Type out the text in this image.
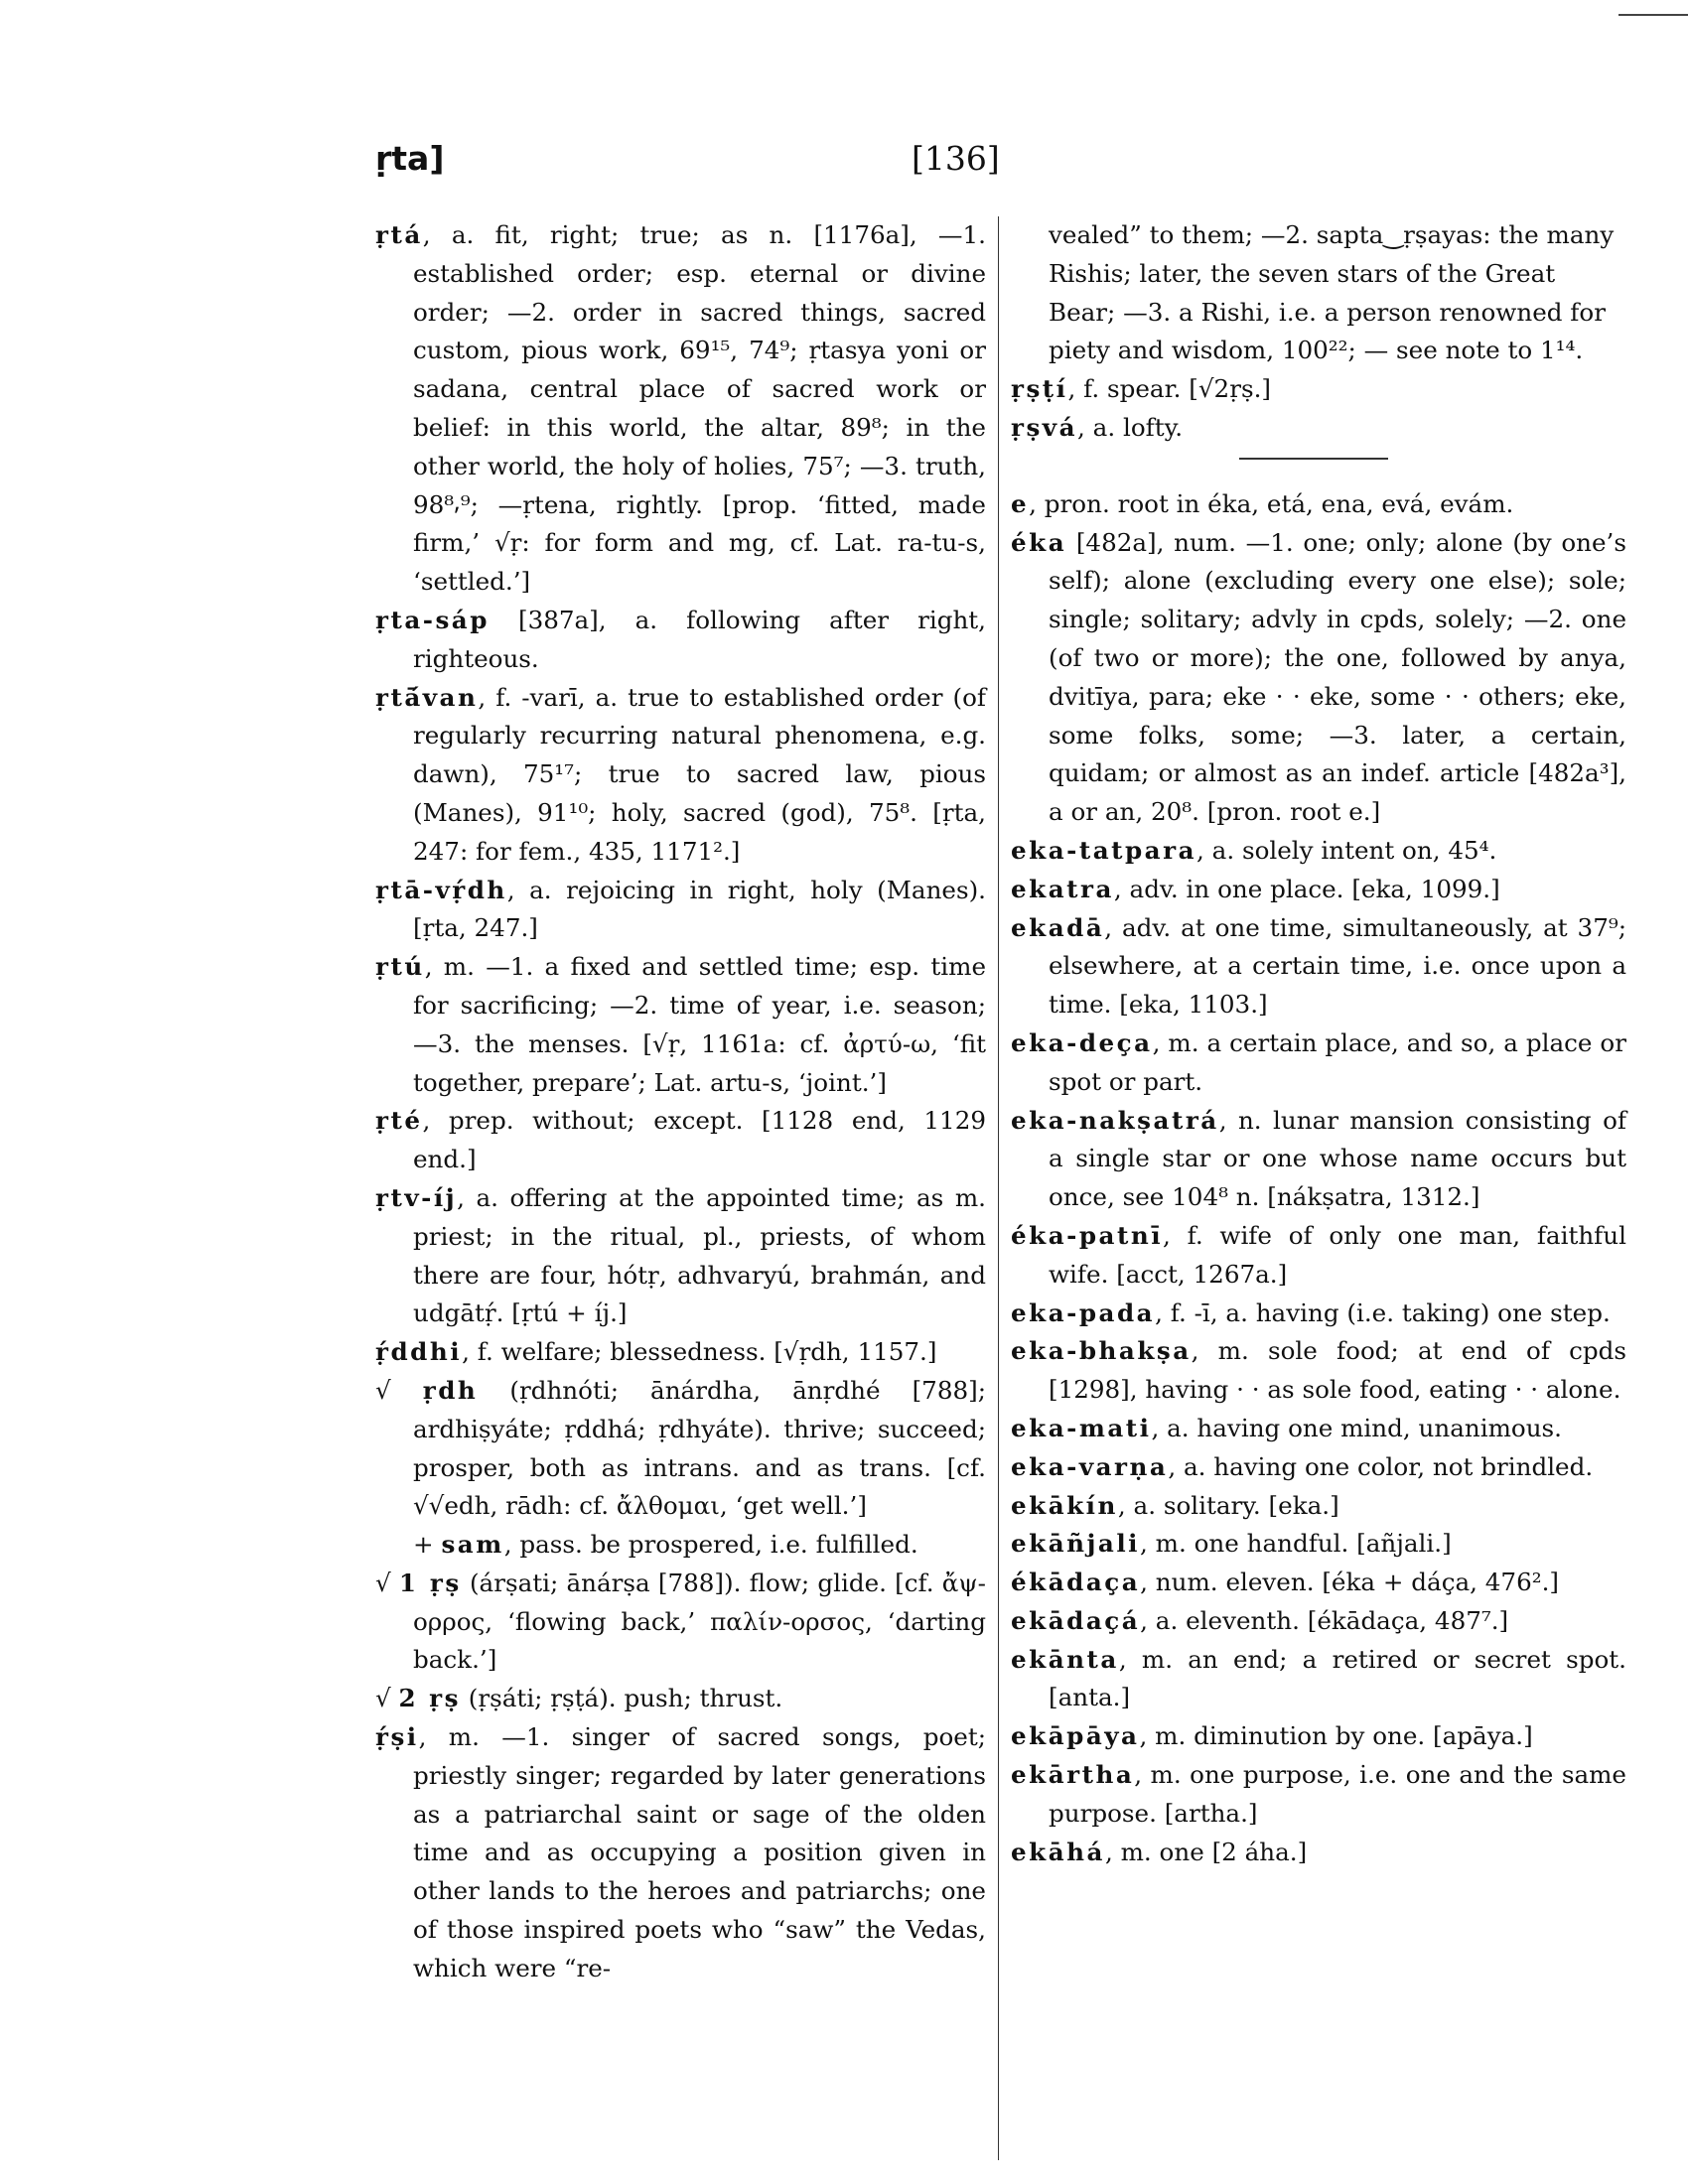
ṛta]	[136]
ṛtá, a. fit, right; true; as n. [1176a], —1. established order; esp. eternal or divine order; —2. order in sacred things, sacred custom, pious work, 69¹⁵, 74⁹; ṛtasya yoni or sadana, central place of sacred work or belief: in this world, the altar, 89⁸; in the other world, the holy of holies, 75⁷; —3. truth, 98⁸⸴⁹; —ṛtena, rightly. [prop. ‘fitted, made firm,’ √ṛ: for form and mg, cf. Lat. ra-tu-s, ‘settled.’]
ṛta-sáp [387a], a. following after right, righteous.
ṛtā́van, f. -varī, a. true to established order (of regularly recurring natural phenomena, e.g. dawn), 75¹⁷; true to sacred law, pious (Manes), 91¹⁰; holy, sacred (god), 75⁸. [ṛta, 247: for fem., 435, 1171².]
ṛtā-vṛ́dh, a. rejoicing in right, holy (Manes). [ṛta, 247.]
ṛtú, m. —1. a fixed and settled time; esp. time for sacrificing; —2. time of year, i.e. season; —3. the menses. [√ṛ, 1161a: cf. ἀρτύ-ω, ‘fit together, prepare’; Lat. artu-s, ‘joint.’]
ṛté, prep. without; except. [1128 end, 1129 end.]
ṛtv-íj, a. offering at the appointed time; as m. priest; in the ritual, pl., priests, of whom there are four, hótṛ, adhvaryú, brahmán, and udgātṛ́. [ṛtú + íj.]
ṛ́ddhi, f. welfare; blessedness. [√ṛdh, 1157.]
√ ṛdh (ṛdhnóti; ānárdha, ānṛdhé [788]; ardhiṣyáte; ṛddhá; ṛdhyáte). thrive; succeed; prosper, both as intrans. and as trans. [cf. √√edh, rādh: cf. ἄλθομαι, ‘get well.’]
+ sam, pass. be prospered, i.e. fulfilled.
√ 1 ṛṣ (árṣati; ānárṣa [788]). flow; glide. [cf. ἄψ-ορρος, ‘flowing back,’ παλίν-ορσος, ‘darting back.’]
√ 2 ṛṣ (ṛṣáti; ṛṣṭá). push; thrust.
ṛ́ṣi, m. —1. singer of sacred songs, poet; priestly singer; regarded by later generations as a patriarchal saint or sage of the olden time and as occupying a position given in other lands to the heroes and patriarchs; one of those inspired poets who “saw” the Vedas, which were “re-
vealed” to them; —2. sapta‿ṛṣayas: the many Rishis; later, the seven stars of the Great Bear; —3. a Rishi, i.e. a person renowned for piety and wisdom, 100²²; — see note to 1¹⁴.
ṛṣṭí, f. spear. [√2ṛṣ.]
ṛṣvá, a. lofty.
e, pron. root in éka, etá, ena, evá, evám.
éka [482a], num. —1. one; only; alone (by one’s self); alone (excluding every one else); sole; single; solitary; advly in cpds, solely; —2. one (of two or more); the one, followed by anya, dvitīya, para; eke · · eke, some · · others; eke, some folks, some; —3. later, a certain, quidam; or almost as an indef. article [482a³], a or an, 20⁸. [pron. root e.]
eka-tatpara, a. solely intent on, 45⁴.
ekatra, adv. in one place. [eka, 1099.]
ekadā, adv. at one time, simultaneously, at 37⁹; elsewhere, at a certain time, i.e. once upon a time. [eka, 1103.]
eka-deça, m. a certain place, and so, a place or spot or part.
eka-nakṣatrá, n. lunar mansion consisting of a single star or one whose name occurs but once, see 104⁸ n. [nákṣatra, 1312.]
éka-patnī, f. wife of only one man, faithful wife. [acct, 1267a.]
eka-pada, f. -ī, a. having (i.e. taking) one step.
eka-bhakṣa, m. sole food; at end of cpds [1298], having · · as sole food, eating · · alone.
eka-mati, a. having one mind, unanimous.
eka-varṇa, a. having one color, not brindled.
ekākín, a. solitary. [eka.]
ekāñjali, m. one handful. [añjali.]
ékādaça, num. eleven. [éka + dáça, 476².]
ekādaçá, a. eleventh. [ékādaça, 487⁷.]
ekānta, m. an end; a retired or secret spot. [anta.]
ekāpāya, m. diminution by one. [apāya.]
ekārtha, m. one purpose, i.e. one and the same purpose. [artha.]
ekāhá, m. one [2 áha.]
